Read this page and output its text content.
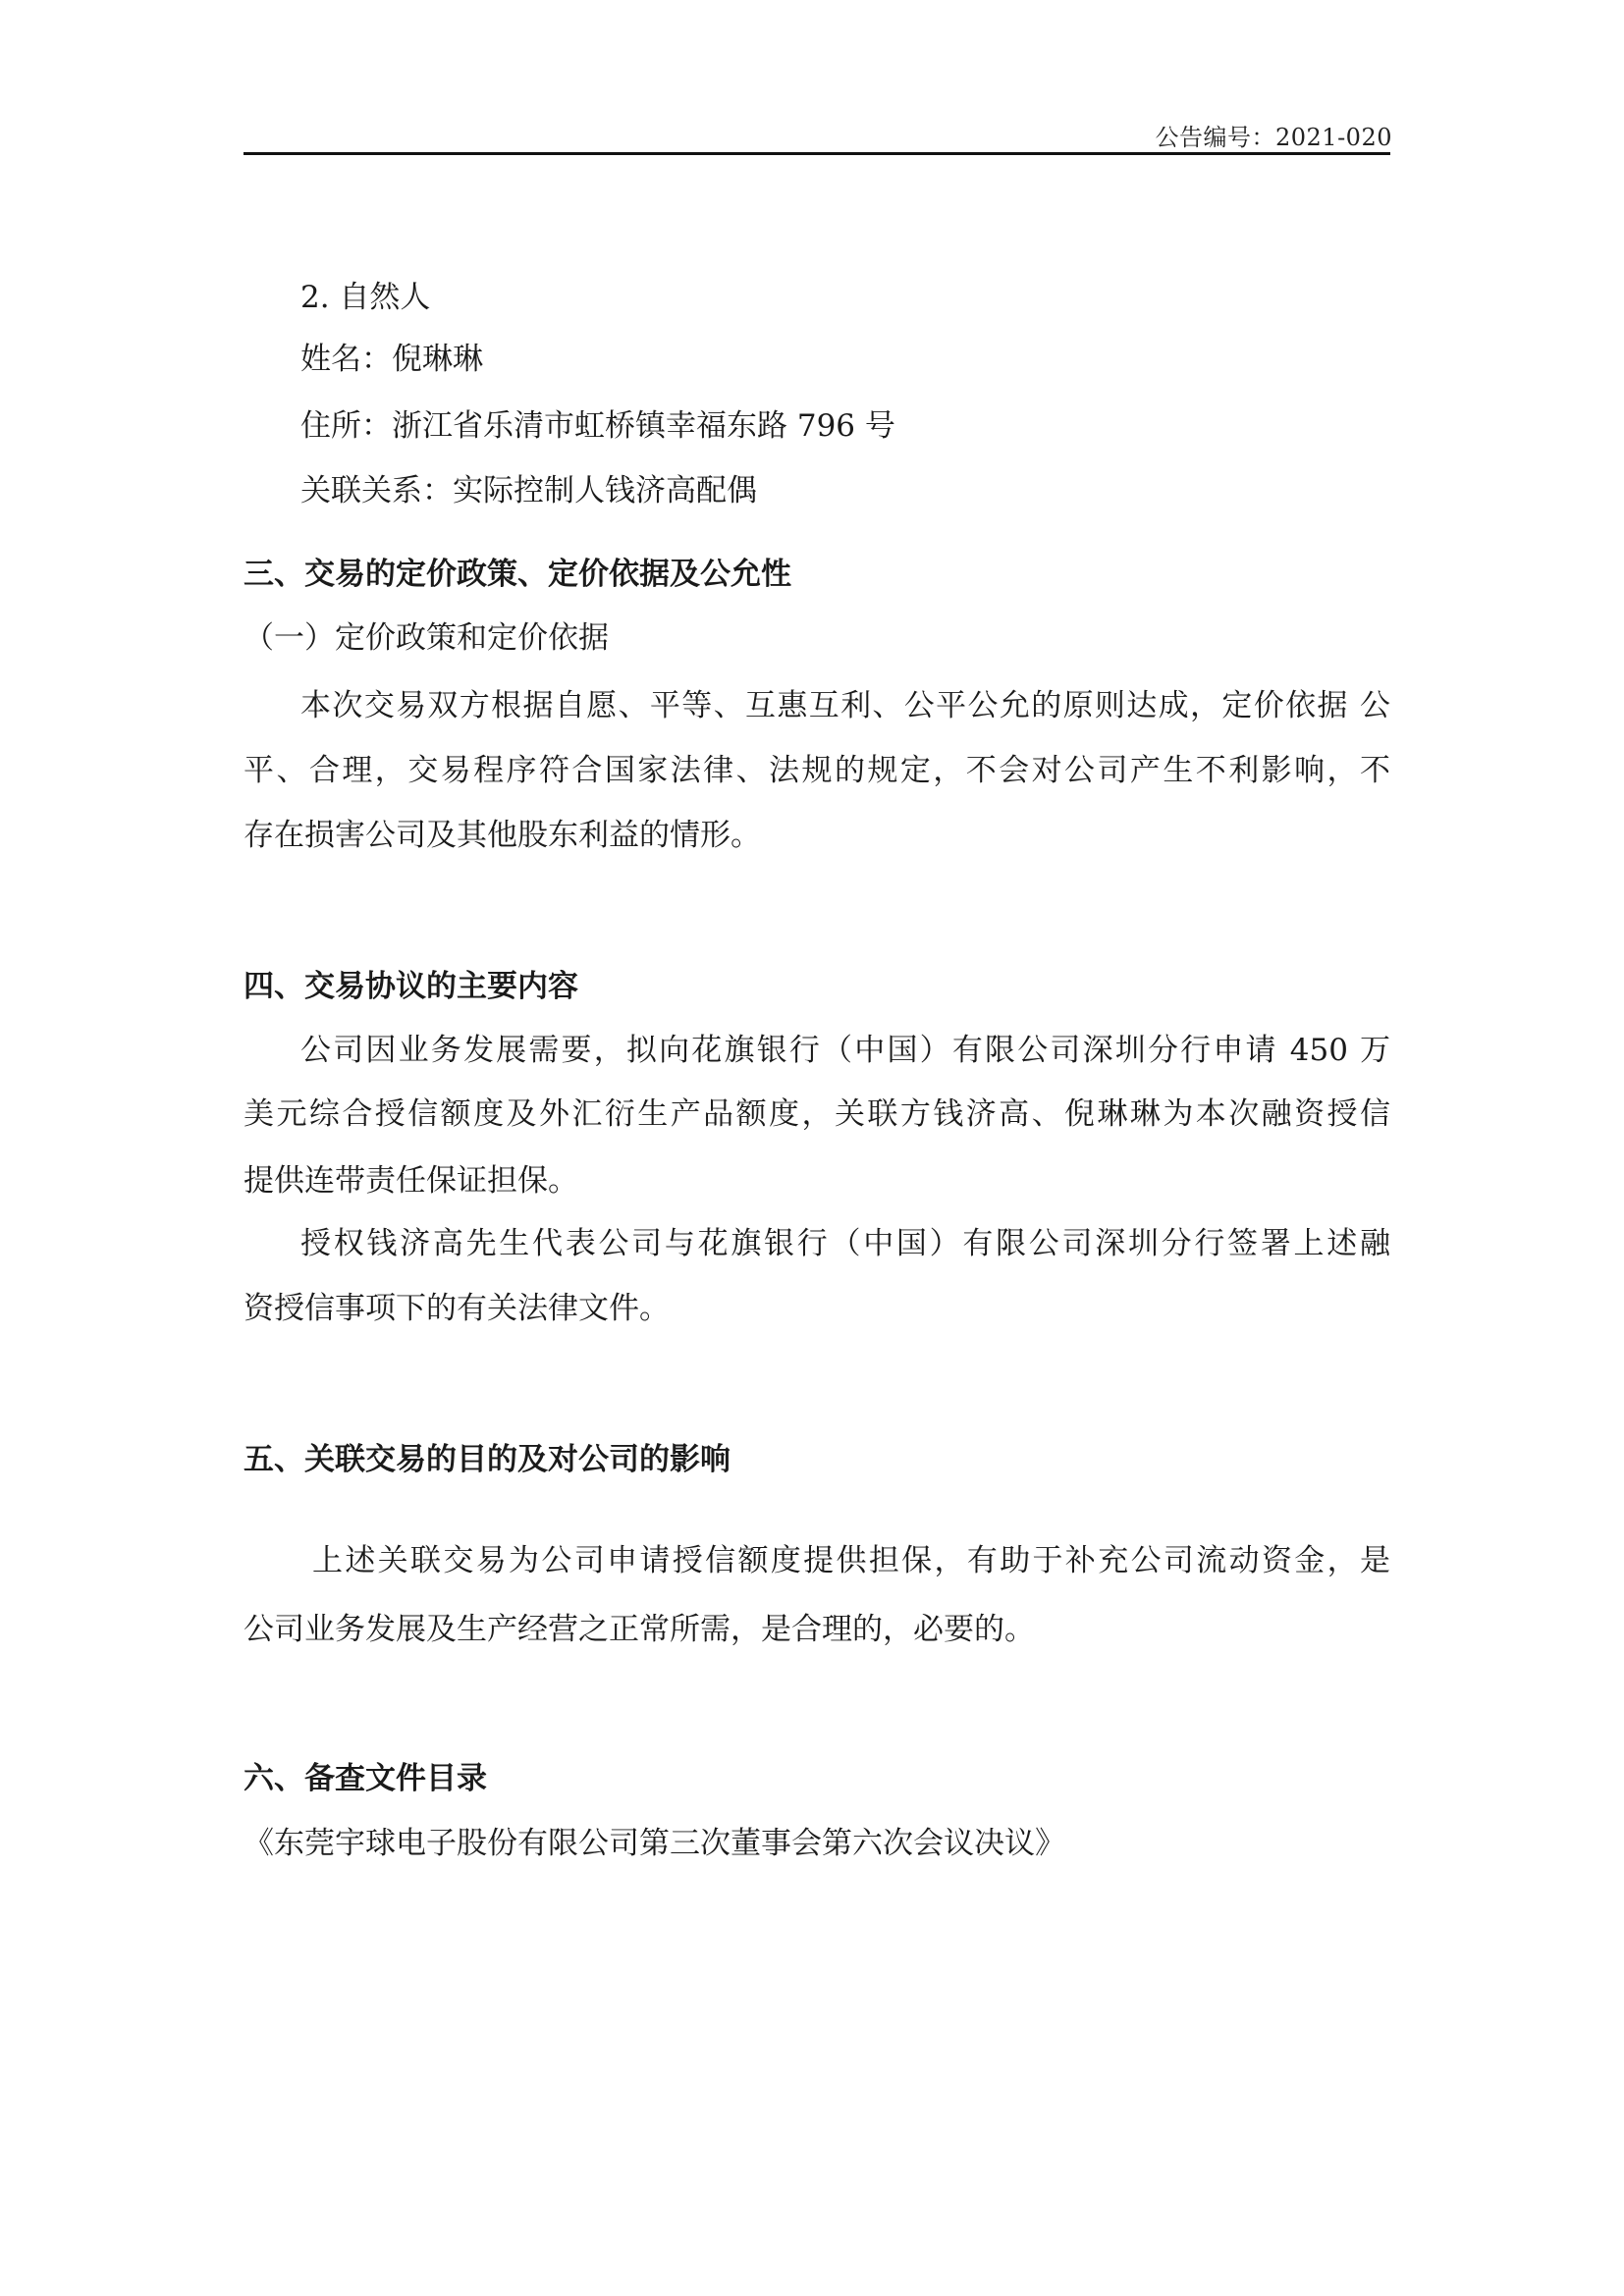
公告编号：2021-020
2. 自然人
姓名：倪琳琳
住所：浙江省乐清市虹桥镇幸福东路 796 号
关联关系：实际控制人钱济高配偶
三、交易的定价政策、定价依据及公允性
（一）定价政策和定价依据
本次交易双方根据自愿、平等、互惠互利、公平公允的原则达成，定价依据 公
平、合理，交易程序符合国家法律、法规的规定，不会对公司产生不利影响，不
存在损害公司及其他股东利益的情形。
四、交易协议的主要内容
公司因业务发展需要，拟向花旗银行（中国）有限公司深圳分行申请 450 万
美元综合授信额度及外汇衍生产品额度，关联方钱济高、倪琳琳为本次融资授信
提供连带责任保证担保。
授权钱济高先生代表公司与花旗银行（中国）有限公司深圳分行签署上述融
资授信事项下的有关法律文件。
五、关联交易的目的及对公司的影响
上述关联交易为公司申请授信额度提供担保，有助于补充公司流动资金，是
公司业务发展及生产经营之正常所需，是合理的，必要的。
六、备查文件目录
《东莞宇球电子股份有限公司第三次董事会第六次会议决议》
